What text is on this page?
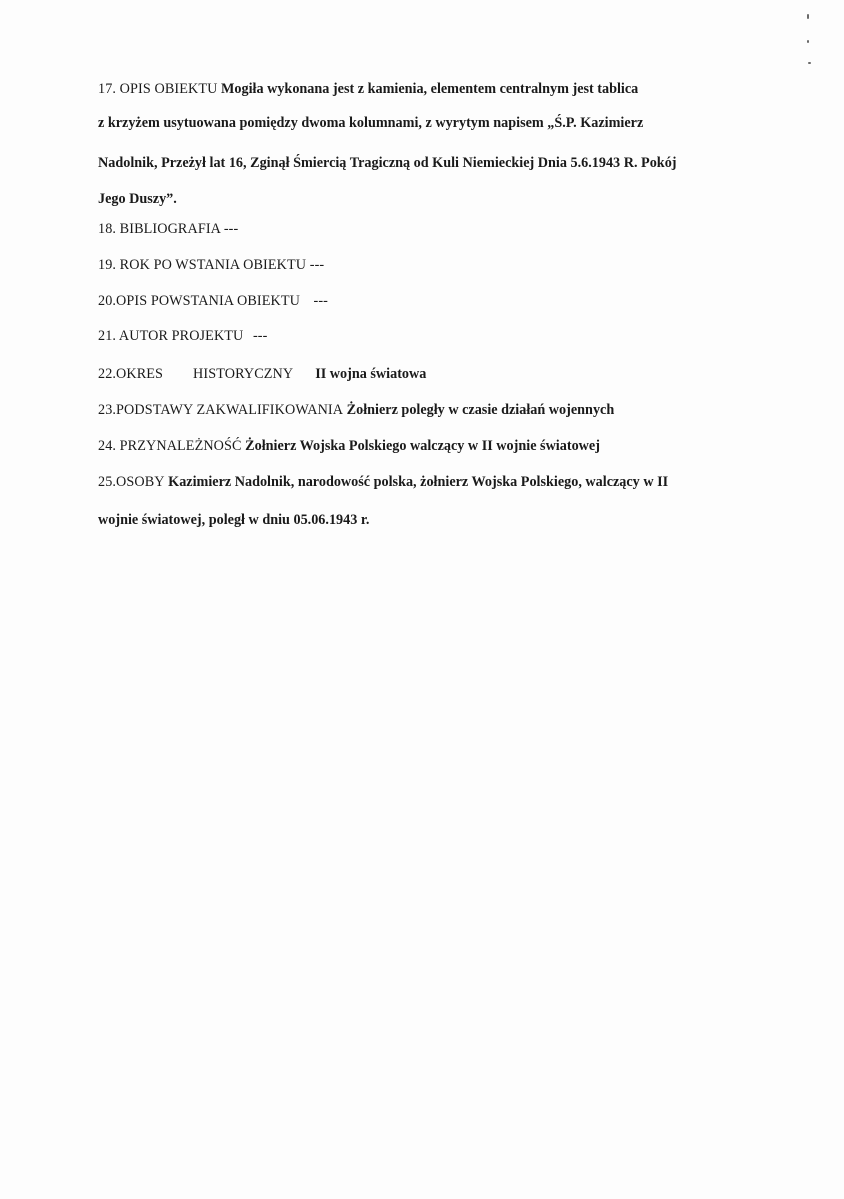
17. OPIS OBIEKTU Mogiła wykonana jest z kamienia, elementem centralnym jest tablica
z krzyżem usytuowana pomiędzy dwoma kolumnami, z wyrytym napisem „Ś.P. Kazimierz
Nadolnik, Przeżył lat 16, Zginął Śmiercią Tragiczną od Kuli Niemieckiej Dnia 5.6.1943 R. Pokój
Jego Duszy”.
18. BIBLIOGRAFIA ---
19. ROK PO WSTANIA OBIEKTU ---
20.OPIS POWSTANIA OBIEKTU ---
21. AUTOR PROJEKTU ---
22.OKRES HISTORYCZNY II wojna światowa
23.PODSTAWY ZAKWALIFIKOWANIA Żołnierz poległy w czasie działań wojennych
24. PRZYNALEŻNOŚĆ Żołnierz Wojska Polskiego walczący w II wojnie światowej
25.OSOBY Kazimierz Nadolnik, narodowość polska, żołnierz Wojska Polskiego, walczący w II
wojnie światowej, poległ w dniu 05.06.1943 r.
